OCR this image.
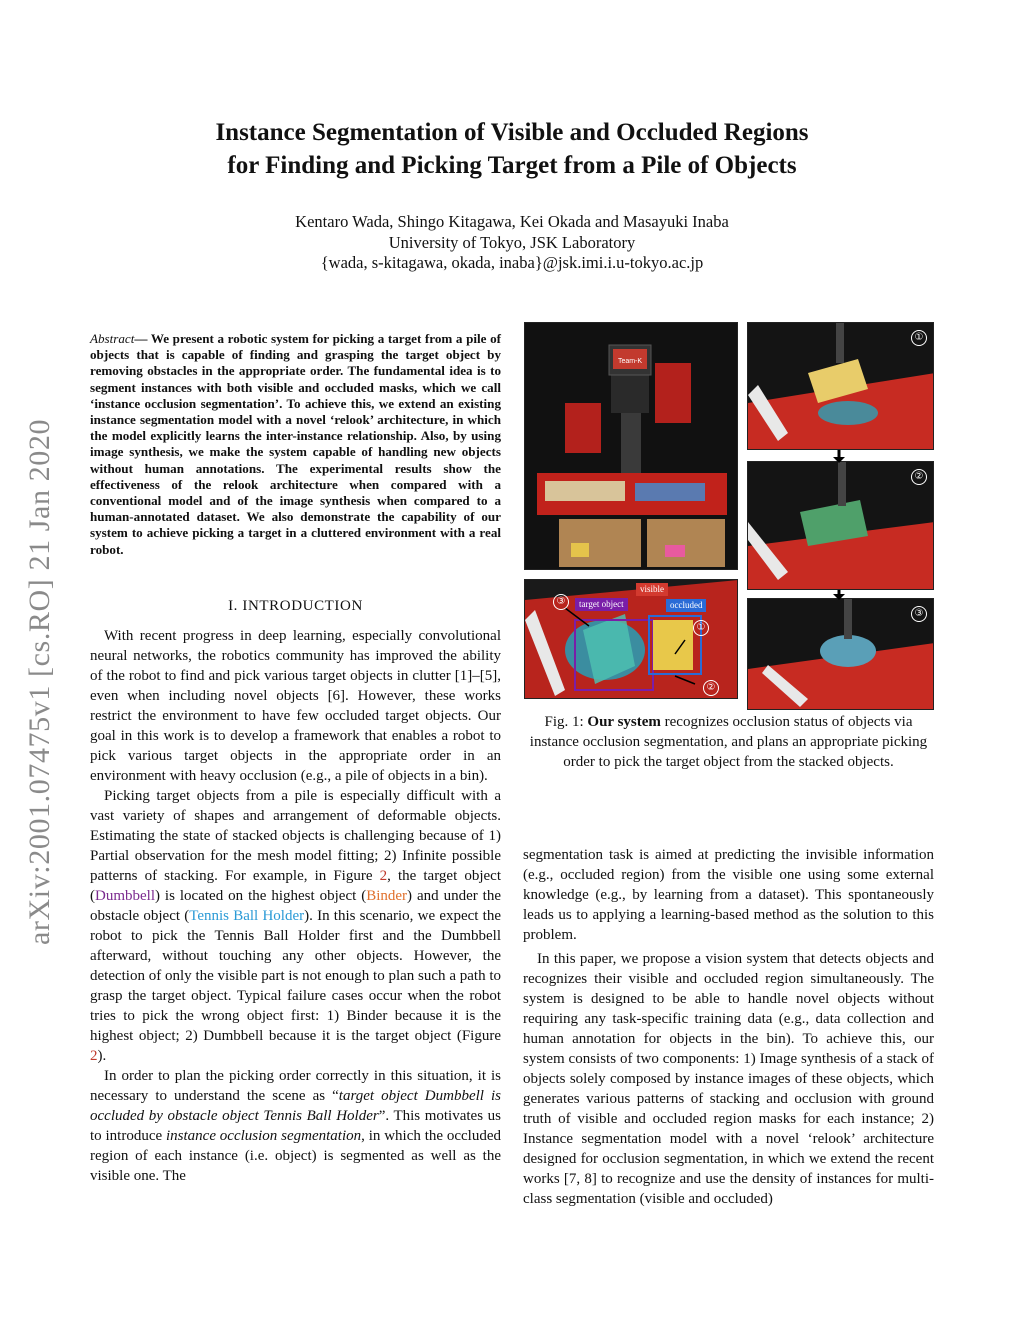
arXiv:2001.07475v1 [cs.RO] 21 Jan 2020
Instance Segmentation of Visible and Occluded Regions
for Finding and Picking Target from a Pile of Objects
Kentaro Wada, Shingo Kitagawa, Kei Okada and Masayuki Inaba
University of Tokyo, JSK Laboratory
{wada, s-kitagawa, okada, inaba}@jsk.imi.i.u-tokyo.ac.jp
Abstract— We present a robotic system for picking a target from a pile of objects that is capable of finding and grasping the target object by removing obstacles in the appropriate order. The fundamental idea is to segment instances with both visible and occluded masks, which we call ‘instance occlusion segmentation’. To achieve this, we extend an existing instance segmentation model with a novel ‘relook’ architecture, in which the model explicitly learns the inter-instance relationship. Also, by using image synthesis, we make the system capable of handling new objects without human annotations. The experimental results show the effectiveness of the relook architecture when compared with a conventional model and of the image synthesis when compared to a human-annotated dataset. We also demonstrate the capability of our system to achieve picking a target in a cluttered environment with a real robot.
I. INTRODUCTION

With recent progress in deep learning, especially convolutional neural networks, the robotics community has improved the ability of the robot to find and pick various target objects in clutter [1]–[5], even when including novel objects [6]. However, these works restrict the environment to have few occluded target objects. Our goal in this work is to develop a framework that enables a robot to pick various target objects in the appropriate order in an environment with heavy occlusion (e.g., a pile of objects in a bin).

Picking target objects from a pile is especially difficult with a vast variety of shapes and arrangement of deformable objects. Estimating the state of stacked objects is challenging because of 1) Partial observation for the mesh model fitting; 2) Infinite possible patterns of stacking. For example, in Figure 2, the target object (Dumbbell) is located on the highest object (Binder) and under the obstacle object (Tennis Ball Holder). In this scenario, we expect the robot to pick the Tennis Ball Holder first and the Dumbbell afterward, without touching any other objects. However, the detection of only the visible part is not enough to plan such a path to grasp the target object. Typical failure cases occur when the robot tries to pick the wrong object first: 1) Binder because it is the highest object; 2) Dumbbell because it is the target object (Figure 2).

In order to plan the picking order correctly in this situation, it is necessary to understand the scene as “target object Dumbbell is occluded by obstacle object Tennis Ball Holder”. This motivates us to introduce instance occlusion segmentation, in which the occluded region of each instance (i.e. object) is segmented as well as the visible one. The

Team-K
①
②
③
visible
target object	occluded
③
①
②
Fig. 1: Our system recognizes occlusion status of objects via instance occlusion segmentation, and plans an appropriate picking order to pick the target object from the stacked objects.

segmentation task is aimed at predicting the invisible information (e.g., occluded region) from the visible one using some external knowledge (e.g., by learning from a dataset). This spontaneously leads us to applying a learning-based method as the solution to this problem.

In this paper, we propose a vision system that detects objects and recognizes their visible and occluded region simultaneously. The system is designed to be able to handle novel objects without requiring any task-specific training data (e.g., data collection and human annotation for objects in the bin). To achieve this, our system consists of two components: 1) Image synthesis of a stack of objects solely composed by instance images of these objects, which generates various patterns of stacking and occlusion with ground truth of visible and occluded region masks for each instance; 2) Instance segmentation model with a novel ‘relook’ architecture designed for occlusion segmentation, in which we extend the recent works [7, 8] to recognize and use the density of instances for multi-class segmentation (visible and occluded)
